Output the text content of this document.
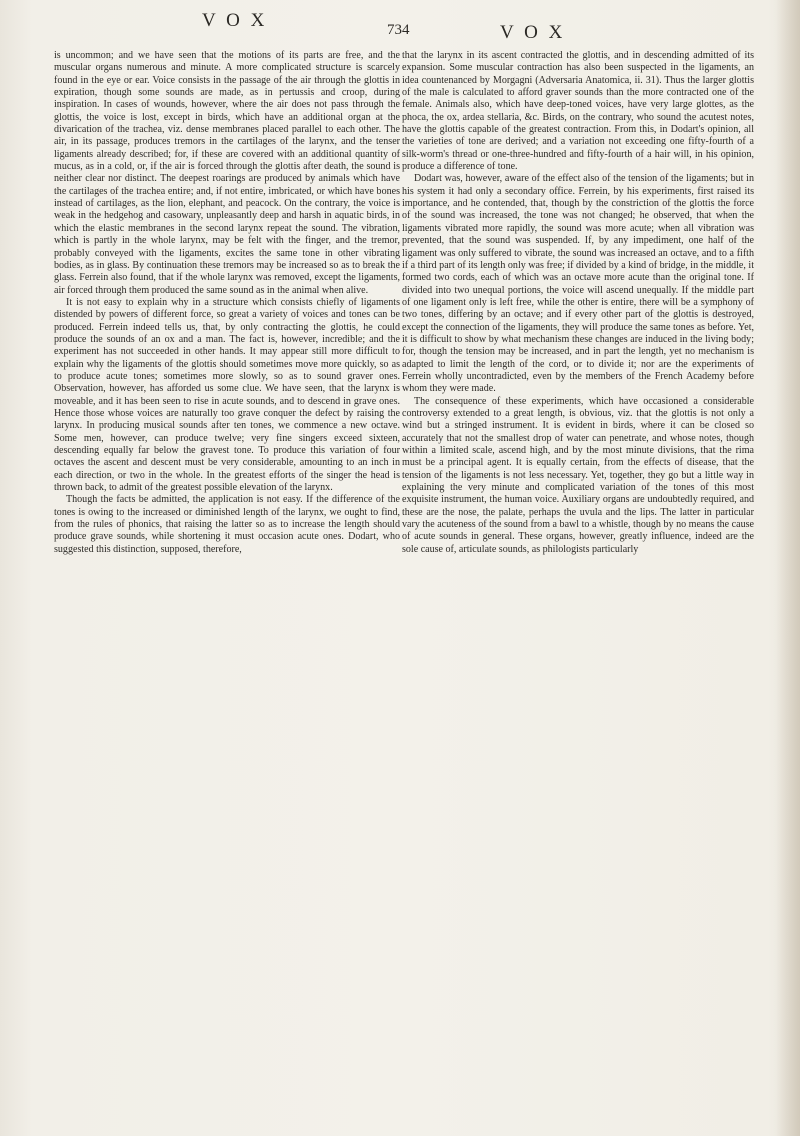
V O X	734	V O X

is uncommon; and we have seen that the motions of its parts are free, and the muscular organs numerous and minute. A more complicated structure is scarcely found in the eye or ear. Voice consists in the passage of the air through the glottis in expiration, though some sounds are made, as in pertussis and croop, during inspiration. In cases of wounds, however, where the air does not pass through the glottis, the voice is lost, except in birds, which have an additional organ at the divarication of the trachea, viz. dense membranes placed parallel to each other. The air, in its passage, produces tremors in the cartilages of the larynx, and the tenser ligaments already described; for, if these are covered with an additional quantity of mucus, as in a cold, or, if the air is forced through the glottis after death, the sound is neither clear nor distinct. The deepest roarings are produced by animals which have the cartilages of the trachea entire; and, if not entire, imbricated, or which have bones instead of cartilages, as the lion, elephant, and peacock. On the contrary, the voice is weak in the hedgehog and casowary, unpleasantly deep and harsh in aquatic birds, in which the elastic membranes in the second larynx repeat the sound. The vibration, which is partly in the whole larynx, may be felt with the finger, and the tremor, probably conveyed with the ligaments, excites the same tone in other vibrating bodies, as in glass. By continuation these tremors may be increased so as to break the glass. Ferrein also found, that if the whole larynx was removed, except the ligaments, air forced through them produced the same sound as in the animal when alive.

It is not easy to explain why in a structure which consists chiefly of ligaments distended by powers of different force, so great a variety of voices and tones can be produced. Ferrein indeed tells us, that, by only contracting the glottis, he could produce the sounds of an ox and a man. The fact is, however, incredible; and the experiment has not succeeded in other hands. It may appear still more difficult to explain why the ligaments of the glottis should sometimes move more quickly, so as to produce acute tones; sometimes more slowly, so as to sound graver ones. Observation, however, has afforded us some clue. We have seen, that the larynx is moveable, and it has been seen to rise in acute sounds, and to descend in grave ones. Hence those whose voices are naturally too grave conquer the defect by raising the larynx. In producing musical sounds after ten tones, we commence a new octave. Some men, however, can produce twelve; very fine singers exceed sixteen, descending equally far below the gravest tone. To produce this variation of four octaves the ascent and descent must be very considerable, amounting to an inch in each direction, or two in the whole. In the greatest efforts of the singer the head is thrown back, to admit of the greatest possible elevation of the larynx.

Though the facts be admitted, the application is not easy. If the difference of the tones is owing to the increased or diminished length of the larynx, we ought to find, from the rules of phonics, that raising the latter so as to increase the length should produce grave sounds, while shortening it must occasion acute ones. Dodart, who suggested this distinction, supposed, therefore,

that the larynx in its ascent contracted the glottis, and in descending admitted of its expansion. Some muscular contraction has also been suspected in the ligaments, an idea countenanced by Morgagni (Adversaria Anatomica, ii. 31). Thus the larger glottis of the male is calculated to afford graver sounds than the more contracted one of the female. Animals also, which have deep-toned voices, have very large glottes, as the phoca, the ox, ardea stellaria, &c. Birds, on the contrary, who sound the acutest notes, have the glottis capable of the greatest contraction. From this, in Dodart's opinion, all the varieties of tone are derived; and a variation not exceeding one fifty-fourth of a silk-worm's thread or one-three-hundred and fifty-fourth of a hair will, in his opinion, produce a difference of tone.

Dodart was, however, aware of the effect also of the tension of the ligaments; but in his system it had only a secondary office. Ferrein, by his experiments, first raised its importance, and he contended, that, though by the constriction of the glottis the force of the sound was increased, the tone was not changed; he observed, that when the ligaments vibrated more rapidly, the sound was more acute; when all vibration was prevented, that the sound was suspended. If, by any impediment, one half of the ligament was only suffered to vibrate, the sound was increased an octave, and to a fifth if a third part of its length only was free; if divided by a kind of bridge, in the middle, it formed two cords, each of which was an octave more acute than the original tone. If divided into two unequal portions, the voice will ascend unequally. If the middle part of one ligament only is left free, while the other is entire, there will be a symphony of two tones, differing by an octave; and if every other part of the glottis is destroyed, except the connection of the ligaments, they will produce the same tones as before. Yet, it is difficult to show by what mechanism these changes are induced in the living body; for, though the tension may be increased, and in part the length, yet no mechanism is adapted to limit the length of the cord, or to divide it; nor are the experiments of Ferrein wholly uncontradicted, even by the members of the French Academy before whom they were made.

The consequence of these experiments, which have occasioned a considerable controversy extended to a great length, is obvious, viz. that the glottis is not only a wind but a stringed instrument. It is evident in birds, where it can be closed so accurately that not the smallest drop of water can penetrate, and whose notes, though within a limited scale, ascend high, and by the most minute divisions, that the rima must be a principal agent. It is equally certain, from the effects of disease, that the tension of the ligaments is not less necessary. Yet, together, they go but a little way in explaining the very minute and complicated variation of the tones of this most exquisite instrument, the human voice. Auxiliary organs are undoubtedly required, and these are the nose, the palate, perhaps the uvula and the lips. The latter in particular vary the acuteness of the sound from a bawl to a whistle, though by no means the cause of acute sounds in general. These organs, however, greatly influence, indeed are the sole cause of, articulate sounds, as philologists particularly
